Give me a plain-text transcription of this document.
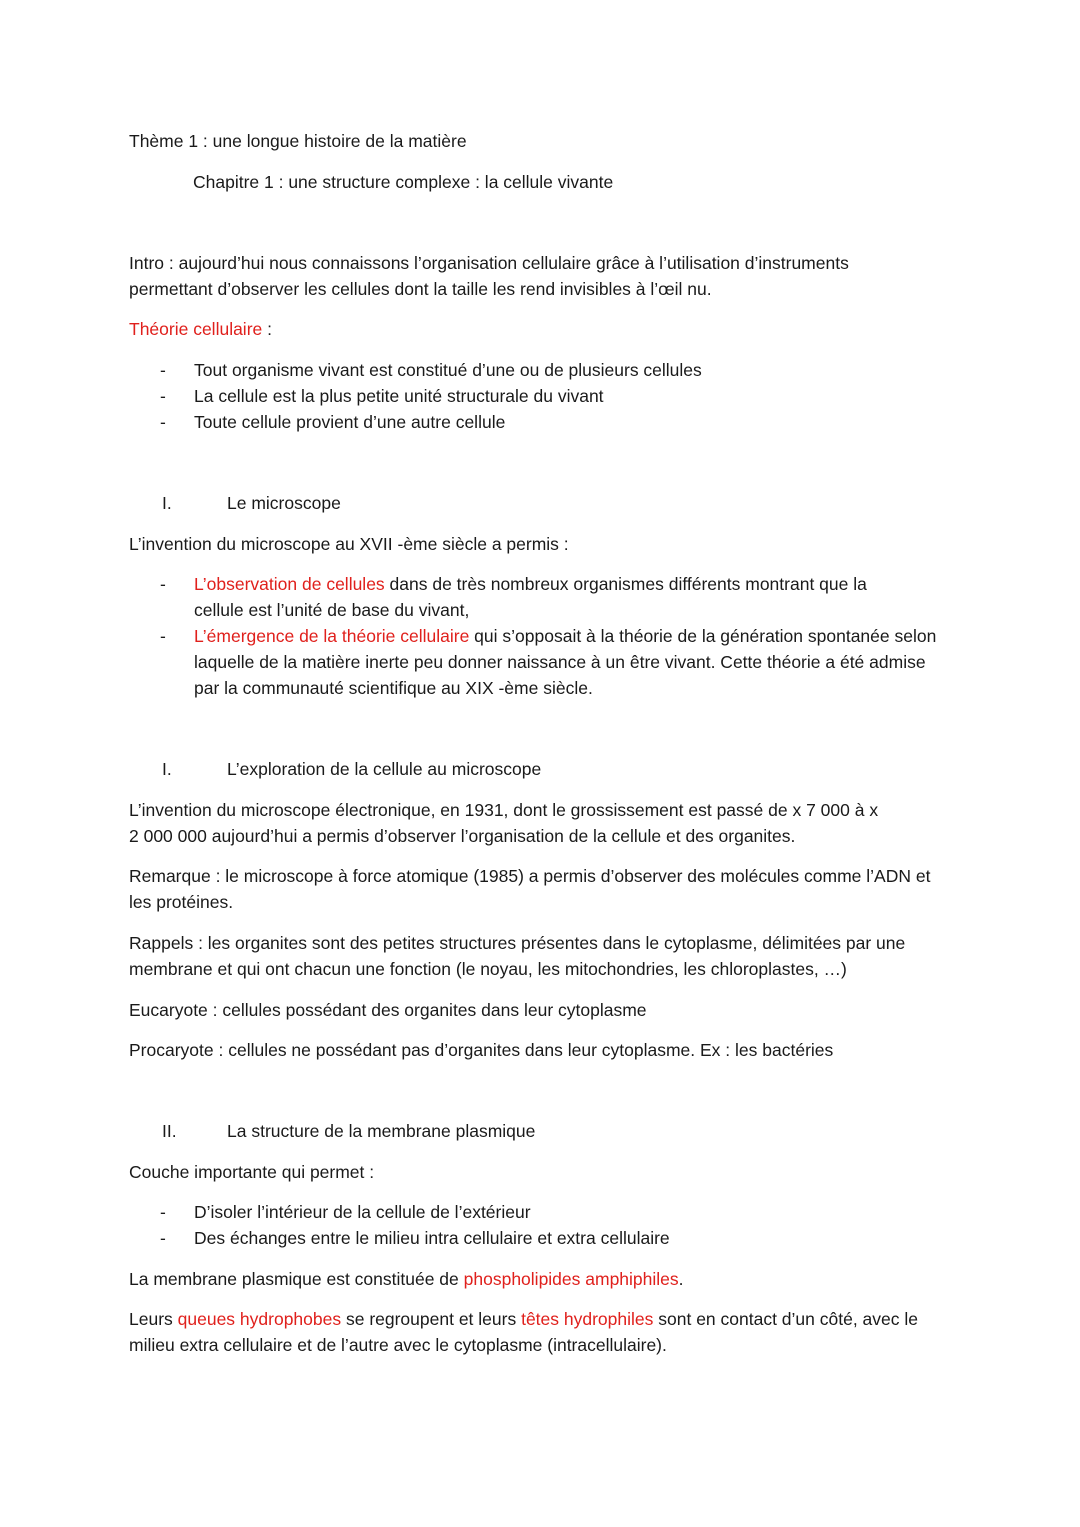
Thème 1 : une longue histoire de la matière
Chapitre 1 : une structure complexe : la cellule vivante

Intro : aujourd’hui nous connaissons l’organisation cellulaire grâce à l’utilisation d’instruments permettant d’observer les cellules dont la taille les rend invisibles à l’œil nu.

Théorie cellulaire :
- Tout organisme vivant est constitué d’une ou de plusieurs cellules
- La cellule est la plus petite unité structurale du vivant
- Toute cellule provient d’une autre cellule
I.	Le microscope
L’invention du microscope au XVII -ème siècle a permis :
- L’observation de cellules dans de très nombreux organismes différents montrant que la cellule est l’unité de base du vivant,

- L’émergence de la théorie cellulaire qui s’opposait à la théorie de la génération spontanée selon laquelle de la matière inerte peu donner naissance à un être vivant. Cette théorie a été admise par la communauté scientifique au XIX -ème siècle.

I.	L’exploration de la cellule au microscope
L’invention du microscope électronique, en 1931, dont le grossissement est passé de x 7 000 à x
2 000 000 aujourd’hui a permis d’observer l’organisation de la cellule et des organites.

Remarque : le microscope à force atomique (1985) a permis d’observer des molécules comme l’ADN et les protéines.

Rappels : les organites sont des petites structures présentes dans le cytoplasme, délimitées par une membrane et qui ont chacun une fonction (le noyau, les mitochondries, les chloroplastes, …)

Eucaryote : cellules possédant des organites dans leur cytoplasme
Procaryote : cellules ne possédant pas d’organites dans leur cytoplasme. Ex : les bactéries
II.	La structure de la membrane plasmique
Couche importante qui permet :
- D’isoler l’intérieur de la cellule de l’extérieur
- Des échanges entre le milieu intra cellulaire et extra cellulaire
La membrane plasmique est constituée de phospholipides amphiphiles.

Leurs queues hydrophobes se regroupent et leurs têtes hydrophiles sont en contact d’un côté, avec le milieu extra cellulaire et de l’autre avec le cytoplasme (intracellulaire).
